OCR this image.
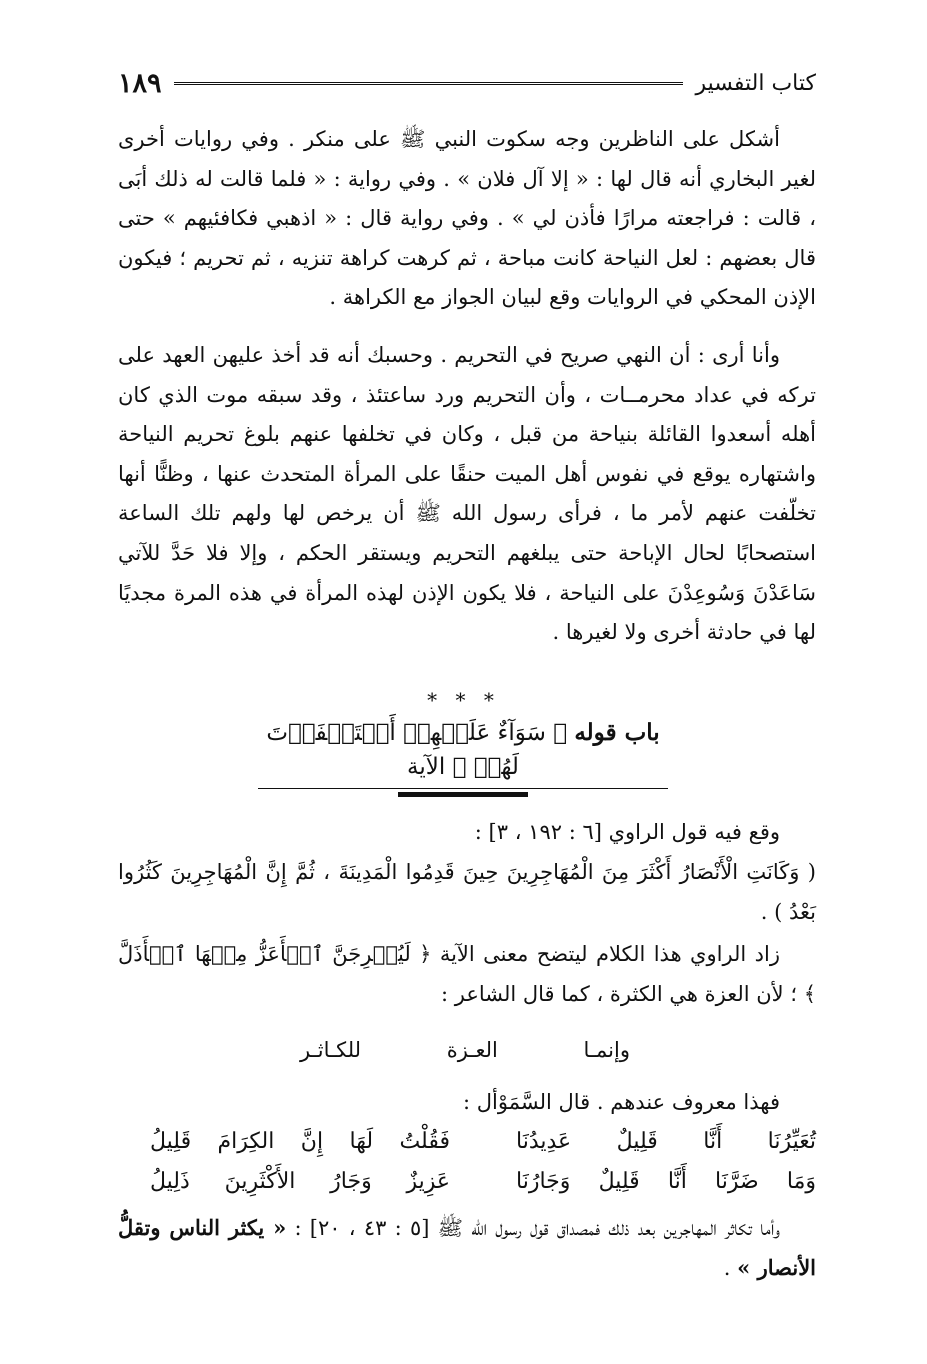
كتاب التفسير
١٨٩

أشكل على الناظرين وجه سكوت النبي ﷺ على منكر . وفي روايات أخرى لغير البخاري أنه قال لها : « إلا آل فلان » . وفي رواية : « فلما قالت له ذلك أبَى ، قالت : فراجعته مرارًا فأذن لي » . وفي رواية قال : « اذهبي فكافئيهم » حتى قال بعضهم : لعل النياحة كانت مباحة ، ثم كرهت كراهة تنزيه ، ثم تحريم ؛ فيكون الإذن المحكي في الروايات وقع لبيان الجواز مع الكراهة .

وأنا أرى : أن النهي صريح في التحريم . وحسبك أنه قد أخذ عليهن العهد على تركه في عداد محرمــات ، وأن التحريم ورد ساعتئذ ، وقد سبقه موت الذي كان أهله أسعدوا القائلة بنياحة من قبل ، وكان في تخلفها عنهم بلوغ تحريم النياحة واشتهاره يوقع في نفوس أهل الميت حنقًا على المرأة المتحدث عنها ، وظنًّا أنها تخلّفت عنهم لأمر ما ، فرأى رسول الله ﷺ أن يرخص لها ولهم تلك الساعة استصحابًا لحال الإباحة حتى يبلغهم التحريم ويستقر الحكم ، وإلا فلا حَدَّ للآتي سَاعَدْنَ وَسُوعِدْنَ على النياحة ، فلا يكون الإذن لهذه المرأة في هذه المرة مجديًا لها في حادثة أخرى ولا لغيرها .

* * *
باب قوله ﴿ سَوَآءٌ عَلَيۡهِمۡ أَسۡتَغۡفَرۡتَ لَهُمۡ ﴾ الآية

وقع فيه قول الراوي [٦ : ١٩٢ ، ٣] :

( وَكَانَتِ الْأَنْصَارُ أَكْثَرَ مِنَ الْمُهَاجِرِينَ حِينَ قَدِمُوا الْمَدِينَةَ ، ثُمَّ إِنَّ الْمُهَاجِرِينَ كَثُرُوا بَعْدُ ) .

زاد الراوي هذا الكلام ليتضح معنى الآية ﴿ لَيُخۡرِجَنَّ ٱلۡأَعَزُّ مِنۡهَا ٱلۡأَذَلَّ ﴾ ؛ لأن العزة هي الكثرة ، كما قال الشاعر :

وإنمـا العـزة للكـاثـر

فهذا معروف عندهم . قال السَّمَوْأل :

تُعَيِّرُنَا أَنَّا قَلِيلٌ عَدِيدُنَا
فَقُلْتُ لَهَا إِنَّ الكِرَامَ قَلِيلُ
وَمَا ضَرَّنَا أَنَّا قَلِيلٌ وَجَارُنَا
عَزِيزٌ وَجَارُ الأَكْثَرِينَ ذَلِيلُ

وأما تكاثر المهاجرين بعد ذلك فمصداق قول رسول الله ﷺ [٥ : ٤٣ ، ٢٠] : « يكثر الناس وتقلُّ الأنصار » .
